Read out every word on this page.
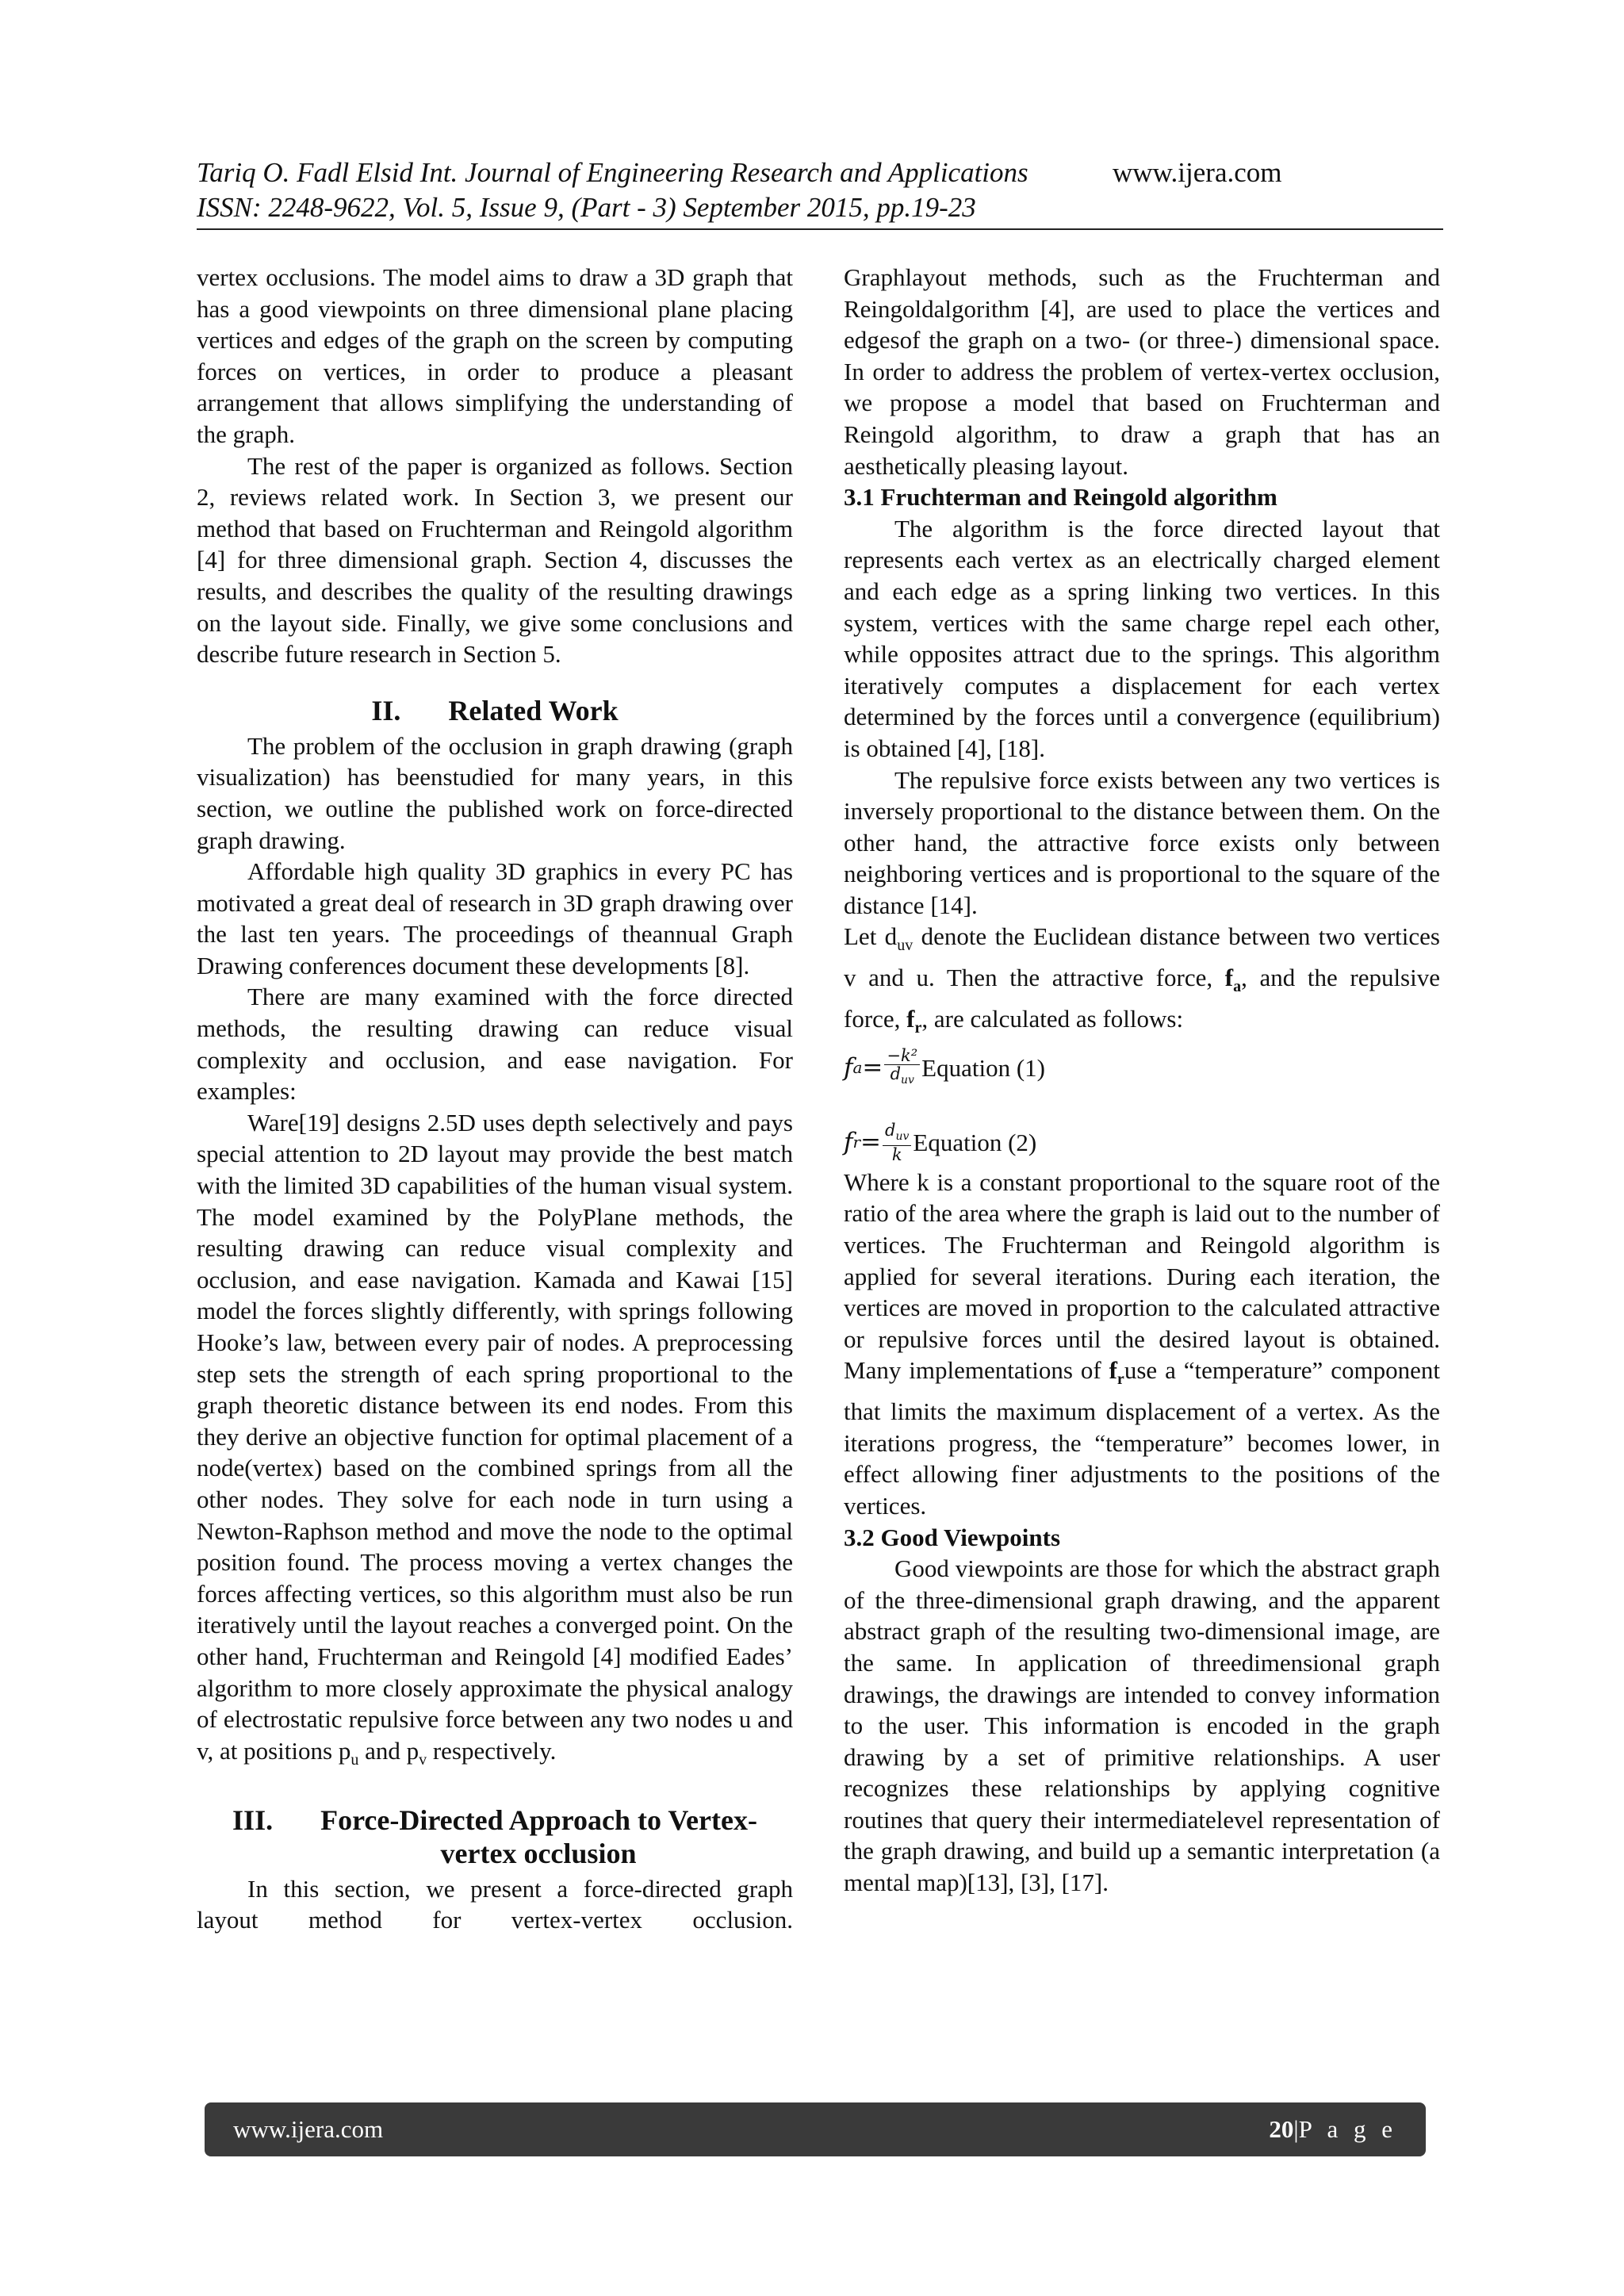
Tariq O. Fadl Elsid Int. Journal of Engineering Research and Applications	www.ijera.com
ISSN: 2248-9622, Vol. 5, Issue 9, (Part - 3) September 2015, pp.19-23

vertex occlusions. The model aims to draw a 3D graph that has a good viewpoints on three dimensional plane placing vertices and edges of the graph on the screen by computing forces on vertices, in order to produce a pleasant arrangement that allows simplifying the understanding of the graph.

The rest of the paper is organized as follows. Section 2, reviews related work. In Section 3, we present our method that based on Fruchterman and Reingold algorithm [4] for three dimensional graph. Section 4, discusses the results, and describes the quality of the resulting drawings on the layout side. Finally, we give some conclusions and describe future research in Section 5.

II. Related Work

The problem of the occlusion in graph drawing (graph visualization) has beenstudied for many years, in this section, we outline the published work on force-directed graph drawing.

Affordable high quality 3D graphics in every PC has motivated a great deal of research in 3D graph drawing over the last ten years. The proceedings of theannual Graph Drawing conferences document these developments [8].

There are many examined with the force directed methods, the resulting drawing can reduce visual complexity and occlusion, and ease navigation. For examples:

Ware[19] designs 2.5D uses depth selectively and pays special attention to 2D layout may provide the best match with the limited 3D capabilities of the human visual system. The model examined by the PolyPlane methods, the resulting drawing can reduce visual complexity and occlusion, and ease navigation. Kamada and Kawai [15] model the forces slightly differently, with springs following Hooke’s law, between every pair of nodes. A preprocessing step sets the strength of each spring proportional to the graph theoretic distance between its end nodes. From this they derive an objective function for optimal placement of a node(vertex) based on the combined springs from all the other nodes. They solve for each node in turn using a Newton-Raphson method and move the node to the optimal position found. The process moving a vertex changes the forces affecting vertices, so this algorithm must also be run iteratively until the layout reaches a converged point. On the other hand, Fruchterman and Reingold [4] modified Eades’ algorithm to more closely approximate the physical analogy of electrostatic repulsive force between any two nodes u and v, at positions $p_u$ and $p_v$ respectively.

III. Force-Directed Approach to Vertex-
vertex occlusion

In this section, we present a force-directed graph layout method for vertex-vertex occlusion.

Graphlayout methods, such as the Fruchterman and Reingoldalgorithm [4], are used to place the vertices and edgesof the graph on a two- (or three-) dimensional space. In order to address the problem of vertex-vertex occlusion, we propose a model that based on Fruchterman and Reingold algorithm, to draw a graph that has an aesthetically pleasing layout.

3.1 Fruchterman and Reingold algorithm

The algorithm is the force directed layout that represents each vertex as an electrically charged element and each edge as a spring linking two vertices. In this system, vertices with the same charge repel each other, while opposites attract due to the springs. This algorithm iteratively computes a displacement for each vertex determined by the forces until a convergence (equilibrium) is obtained [4], [18].

The repulsive force exists between any two vertices is inversely proportional to the distance between them. On the other hand, the attractive force exists only between neighboring vertices and is proportional to the square of the distance [14].

Let $d_{uv}$ denote the Euclidean distance between two vertices v and u. Then the attractive force, $f_a$, and the repulsive force, $f_r$, are calculated as follows:

f $a = \frac{\text{−k²}}{d_{uv}}$ Equation (1)
f $r = \frac{d_{uv}}{k}$ Equation (2)

Where k is a constant proportional to the square root of the ratio of the area where the graph is laid out to the number of vertices. The Fruchterman and Reingold algorithm is applied for several iterations. During each iteration, the vertices are moved in proportion to the calculated attractive or repulsive forces until the desired layout is obtained. Many implementations of $f_ruse$ a “temperature” component that limits the maximum displacement of a vertex. As the iterations progress, the “temperature” becomes lower, in effect allowing finer adjustments to the positions of the vertices.

3.2 Good Viewpoints

Good viewpoints are those for which the abstract graph of the three-dimensional graph drawing, and the apparent abstract graph of the resulting two-dimensional image, are the same. In application of threedimensional graph drawings, the drawings are intended to convey information to the user. This information is encoded in the graph drawing by a set of primitive relationships. A user recognizes these relationships by applying cognitive routines that query their intermediatelevel representation of the graph drawing, and build up a semantic interpretation (a mental map)[13], [3], [17].

www.ijera.com	20|P a g e
